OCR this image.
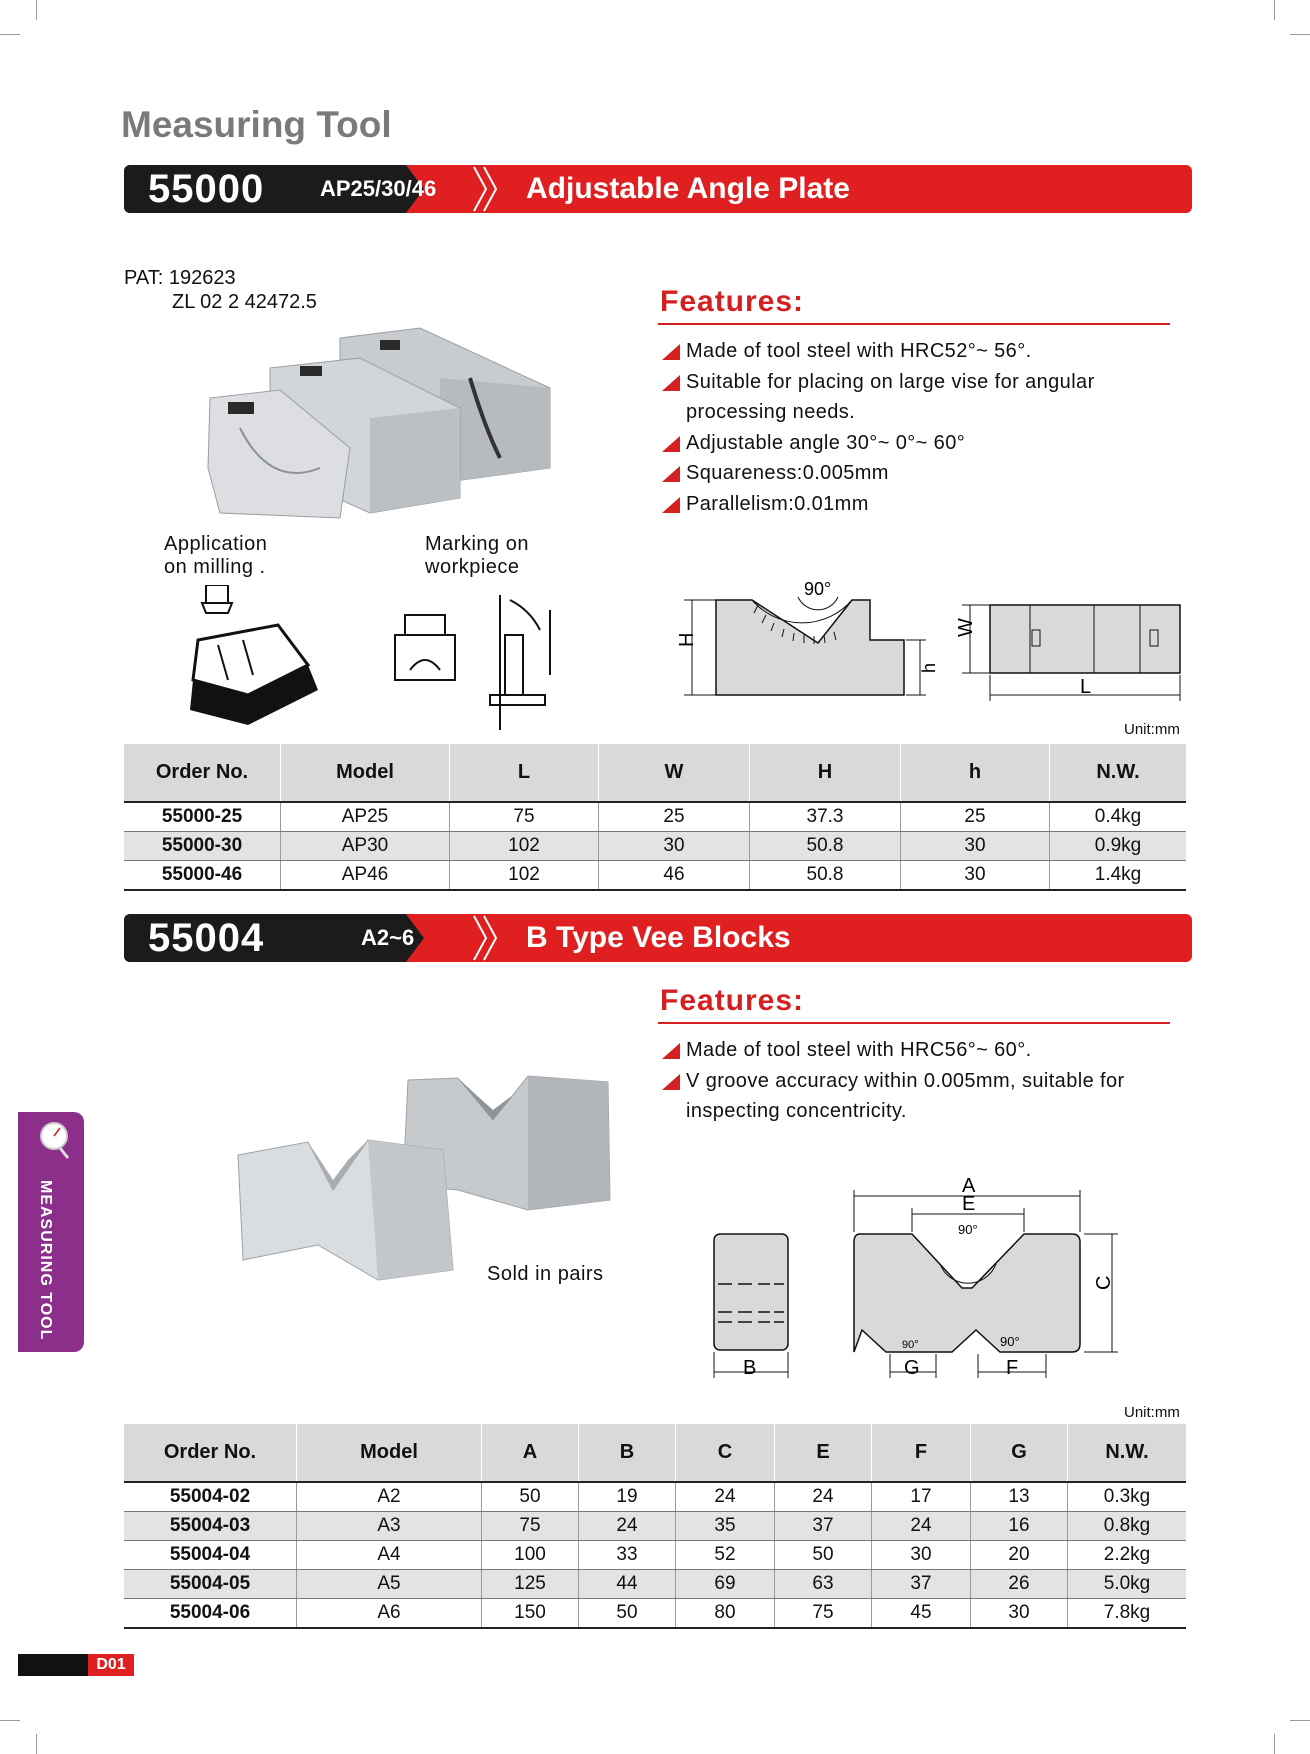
Measuring Tool
55000	AP25/30/46	Adjustable Angle Plate
PAT: 192623
ZL 02 2 42472.5
Application
on milling .
Marking on
workpiece
Features:
Made of tool steel with HRC52°~ 56°.
Suitable for placing on large vise for angular processing needs.
Adjustable angle 30°~ 0°~ 60°
Squareness:0.005mm
Parallelism:0.01mm
H
90°
h
W
L
Unit:mm
Order No.	Model	L	W	H	h	N.W.
55000-25	AP25	75	25	37.3	25	0.4kg
55000-30	AP30	102	30	50.8	30	0.9kg
55000-46	AP46	102	46	50.8	30	1.4kg
55004	A2~6	B Type Vee Blocks
Sold in pairs
Features:
Made of tool steel with HRC56°~ 60°.
V groove accuracy within 0.005mm, suitable for inspecting concentricity.
B
A
E
90°
90°	90°
C
G	F
Unit:mm
Order No.	Model	A	B	C	E	F	G	N.W.
55004-02	A2	50	19	24	24	17	13	0.3kg
55004-03	A3	75	24	35	37	24	16	0.8kg
55004-04	A4	100	33	52	50	30	20	2.2kg
55004-05	A5	125	44	69	63	37	26	5.0kg
55004-06	A6	150	50	80	75	45	30	7.8kg
MEASURING TOOL
D01
